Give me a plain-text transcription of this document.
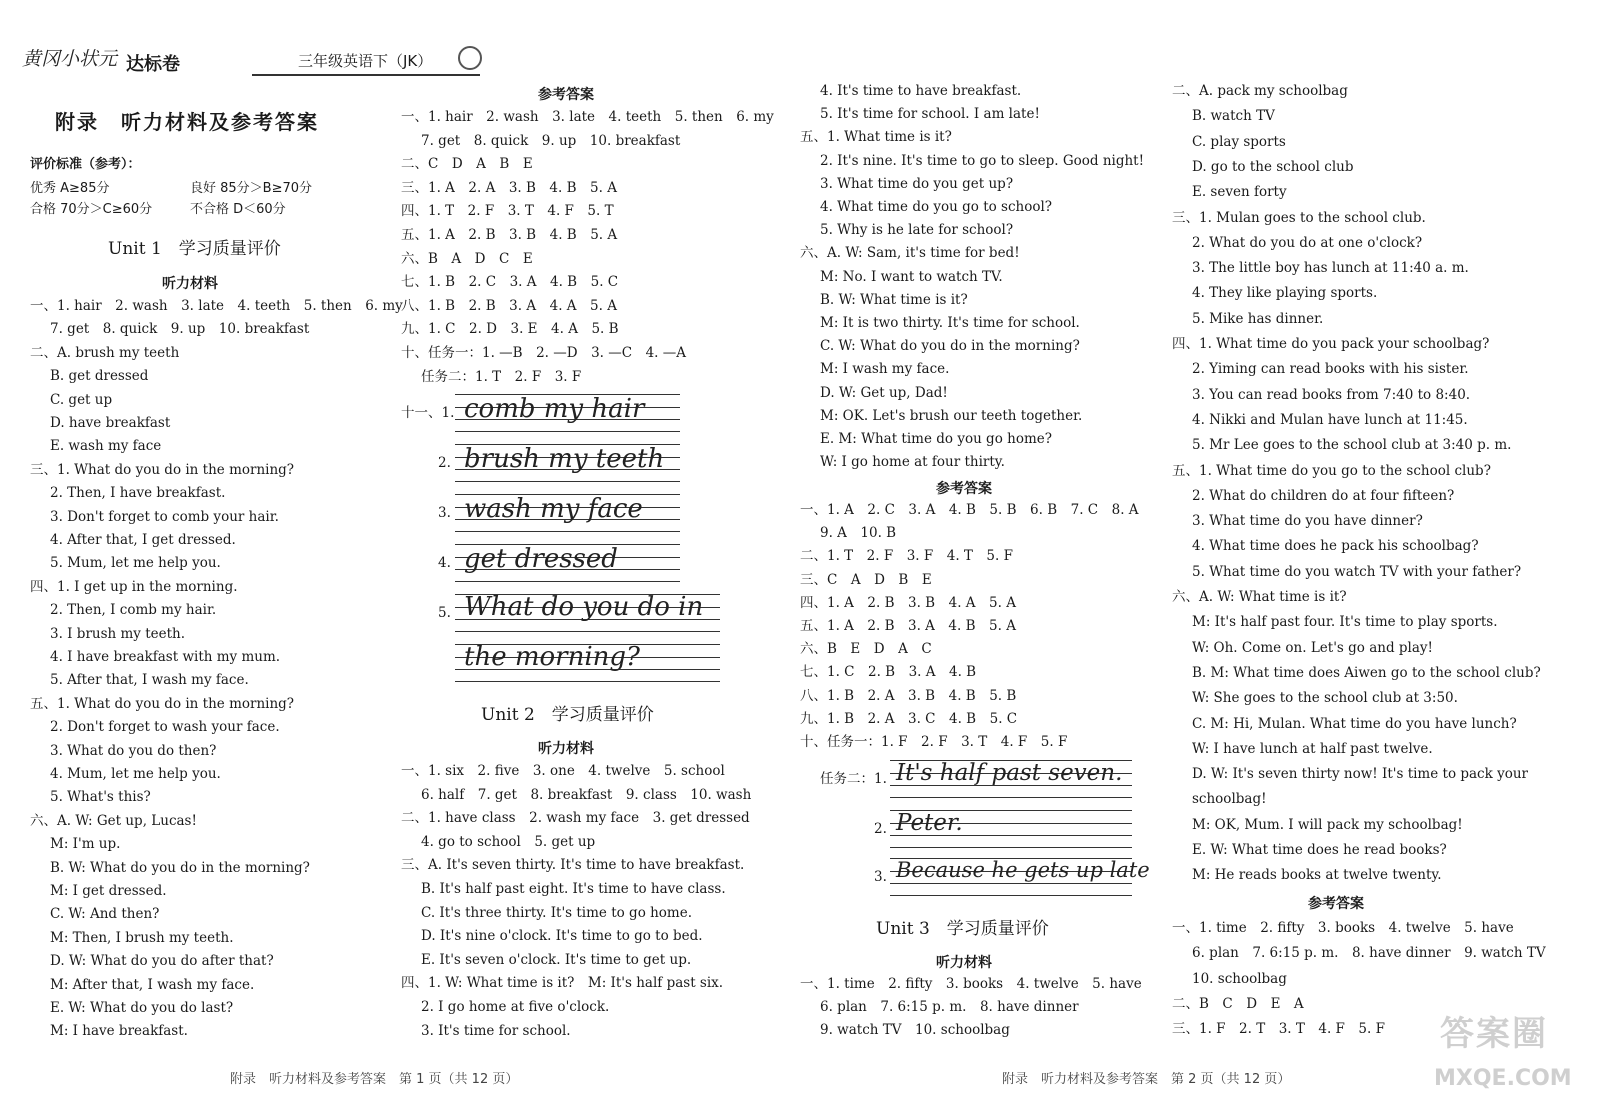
黄冈小状元 达标卷	三年级英语下（JK）
附录　听力材料及参考答案
评价标准（参考）：
优秀 A≥85分	良好 85分＞B≥70分
合格 70分＞C≥60分	不合格 D＜60分
Unit 1　学习质量评价
听力材料
一、1. hair　2. wash　3. late　4. teeth　5. then　6. my
7. get　8. quick　9. up　10. breakfast
二、A. brush my teeth
B. get dressed
C. get up
D. have breakfast
E. wash my face
三、1. What do you do in the morning?
2. Then, I have breakfast.
3. Don't forget to comb your hair.
4. After that, I get dressed.
5. Mum, let me help you.
四、1. I get up in the morning.
2. Then, I comb my hair.
3. I brush my teeth.
4. I have breakfast with my mum.
5. After that, I wash my face.
五、1. What do you do in the morning?
2. Don't forget to wash your face.
3. What do you do then?
4. Mum, let me help you.
5. What's this?
六、A. W: Get up, Lucas!
M: I'm up.
B. W: What do you do in the morning?
M: I get dressed.
C. W: And then?
M: Then, I brush my teeth.
D. W: What do you do after that?
M: After that, I wash my face.
E. W: What do you do last?
M: I have breakfast.
参考答案
一、1. hair　2. wash　3. late　4. teeth　5. then　6. my
7. get　8. quick　9. up　10. breakfast
二、C　D　A　B　E
三、1. A　2. A　3. B　4. B　5. A
四、1. T　2. F　3. T　4. F　5. T
五、1. A　2. B　3. B　4. B　5. A
六、B　A　D　C　E
七、1. B　2. C　3. A　4. B　5. C
八、1. B　2. B　3. A　4. A　5. A
九、1. C　2. D　3. E　4. A　5. B
十、任务一：1. —B　2. —D　3. —C　4. —A
任务二：1. T　2. F　3. F
十一、1.
2.
3.
4.
5.
comb my hair
brush my teeth
wash my face
get dressed
What do you do in
the morning?
Unit 2　学习质量评价
听力材料
一、1. six　2. five　3. one　4. twelve　5. school
6. half　7. get　8. breakfast　9. class　10. wash
二、1. have class　2. wash my face　3. get dressed
4. go to school　5. get up
三、A. It's seven thirty. It's time to have breakfast.
B. It's half past eight. It's time to have class.
C. It's three thirty. It's time to go home.
D. It's nine o'clock. It's time to go to bed.
E. It's seven o'clock. It's time to get up.
四、1. W: What time is it?　M: It's half past six.
2. I go home at five o'clock.
3. It's time for school.
4. It's time to have breakfast.
5. It's time for school. I am late!
五、1. What time is it?
2. It's nine. It's time to go to sleep. Good night!
3. What time do you get up?
4. What time do you go to school?
5. Why is he late for school?
六、A. W: Sam, it's time for bed!
M: No. I want to watch TV.
B. W: What time is it?
M: It is two thirty. It's time for school.
C. W: What do you do in the morning?
M: I wash my face.
D. W: Get up, Dad!
M: OK. Let's brush our teeth together.
E. M: What time do you go home?
W: I go home at four thirty.
参考答案
一、1. A　2. C　3. A　4. B　5. B　6. B　7. C　8. A
9. A　10. B
二、1. T　2. F　3. F　4. T　5. F
三、C　A　D　B　E
四、1. A　2. B　3. B　4. A　5. A
五、1. A　2. B　3. A　4. B　5. A
六、B　E　D　A　C
七、1. C　2. B　3. A　4. B
八、1. B　2. A　3. B　4. B　5. B
九、1. B　2. A　3. C　4. B　5. C
十、任务一：1. F　2. F　3. T　4. F　5. F
任务二：1.
2.
3.
It's half past seven.
Peter.
Because he gets up late
Unit 3　学习质量评价
听力材料
一、1. time　2. fifty　3. books　4. twelve　5. have
6. plan　7. 6:15 p. m.　8. have dinner
9. watch TV　10. schoolbag
二、A. pack my schoolbag
B. watch TV
C. play sports
D. go to the school club
E. seven forty
三、1. Mulan goes to the school club.
2. What do you do at one o'clock?
3. The little boy has lunch at 11:40 a. m.
4. They like playing sports.
5. Mike has dinner.
四、1. What time do you pack your schoolbag?
2. Yiming can read books with his sister.
3. You can read books from 7:40 to 8:40.
4. Nikki and Mulan have lunch at 11:45.
5. Mr Lee goes to the school club at 3:40 p. m.
五、1. What time do you go to the school club?
2. What do children do at four fifteen?
3. What time do you have dinner?
4. What time does he pack his schoolbag?
5. What time do you watch TV with your father?
六、A. W: What time is it?
M: It's half past four. It's time to play sports.
W: Oh. Come on. Let's go and play!
B. M: What time does Aiwen go to the school club?
W: She goes to the school club at 3:50.
C. M: Hi, Mulan. What time do you have lunch?
W: I have lunch at half past twelve.
D. W: It's seven thirty now! It's time to pack your
schoolbag!
M: OK, Mum. I will pack my schoolbag!
E. W: What time does he read books?
M: He reads books at twelve twenty.
参考答案
一、1. time　2. fifty　3. books　4. twelve　5. have
6. plan　7. 6:15 p. m.　8. have dinner　9. watch TV
10. schoolbag
二、B　C　D　E　A
三、1. F　2. T　3. T　4. F　5. F
附录　听力材料及参考答案　第 1 页（共 12 页）	附录　听力材料及参考答案　第 2 页（共 12 页）
答案圈
MXQE.COM
